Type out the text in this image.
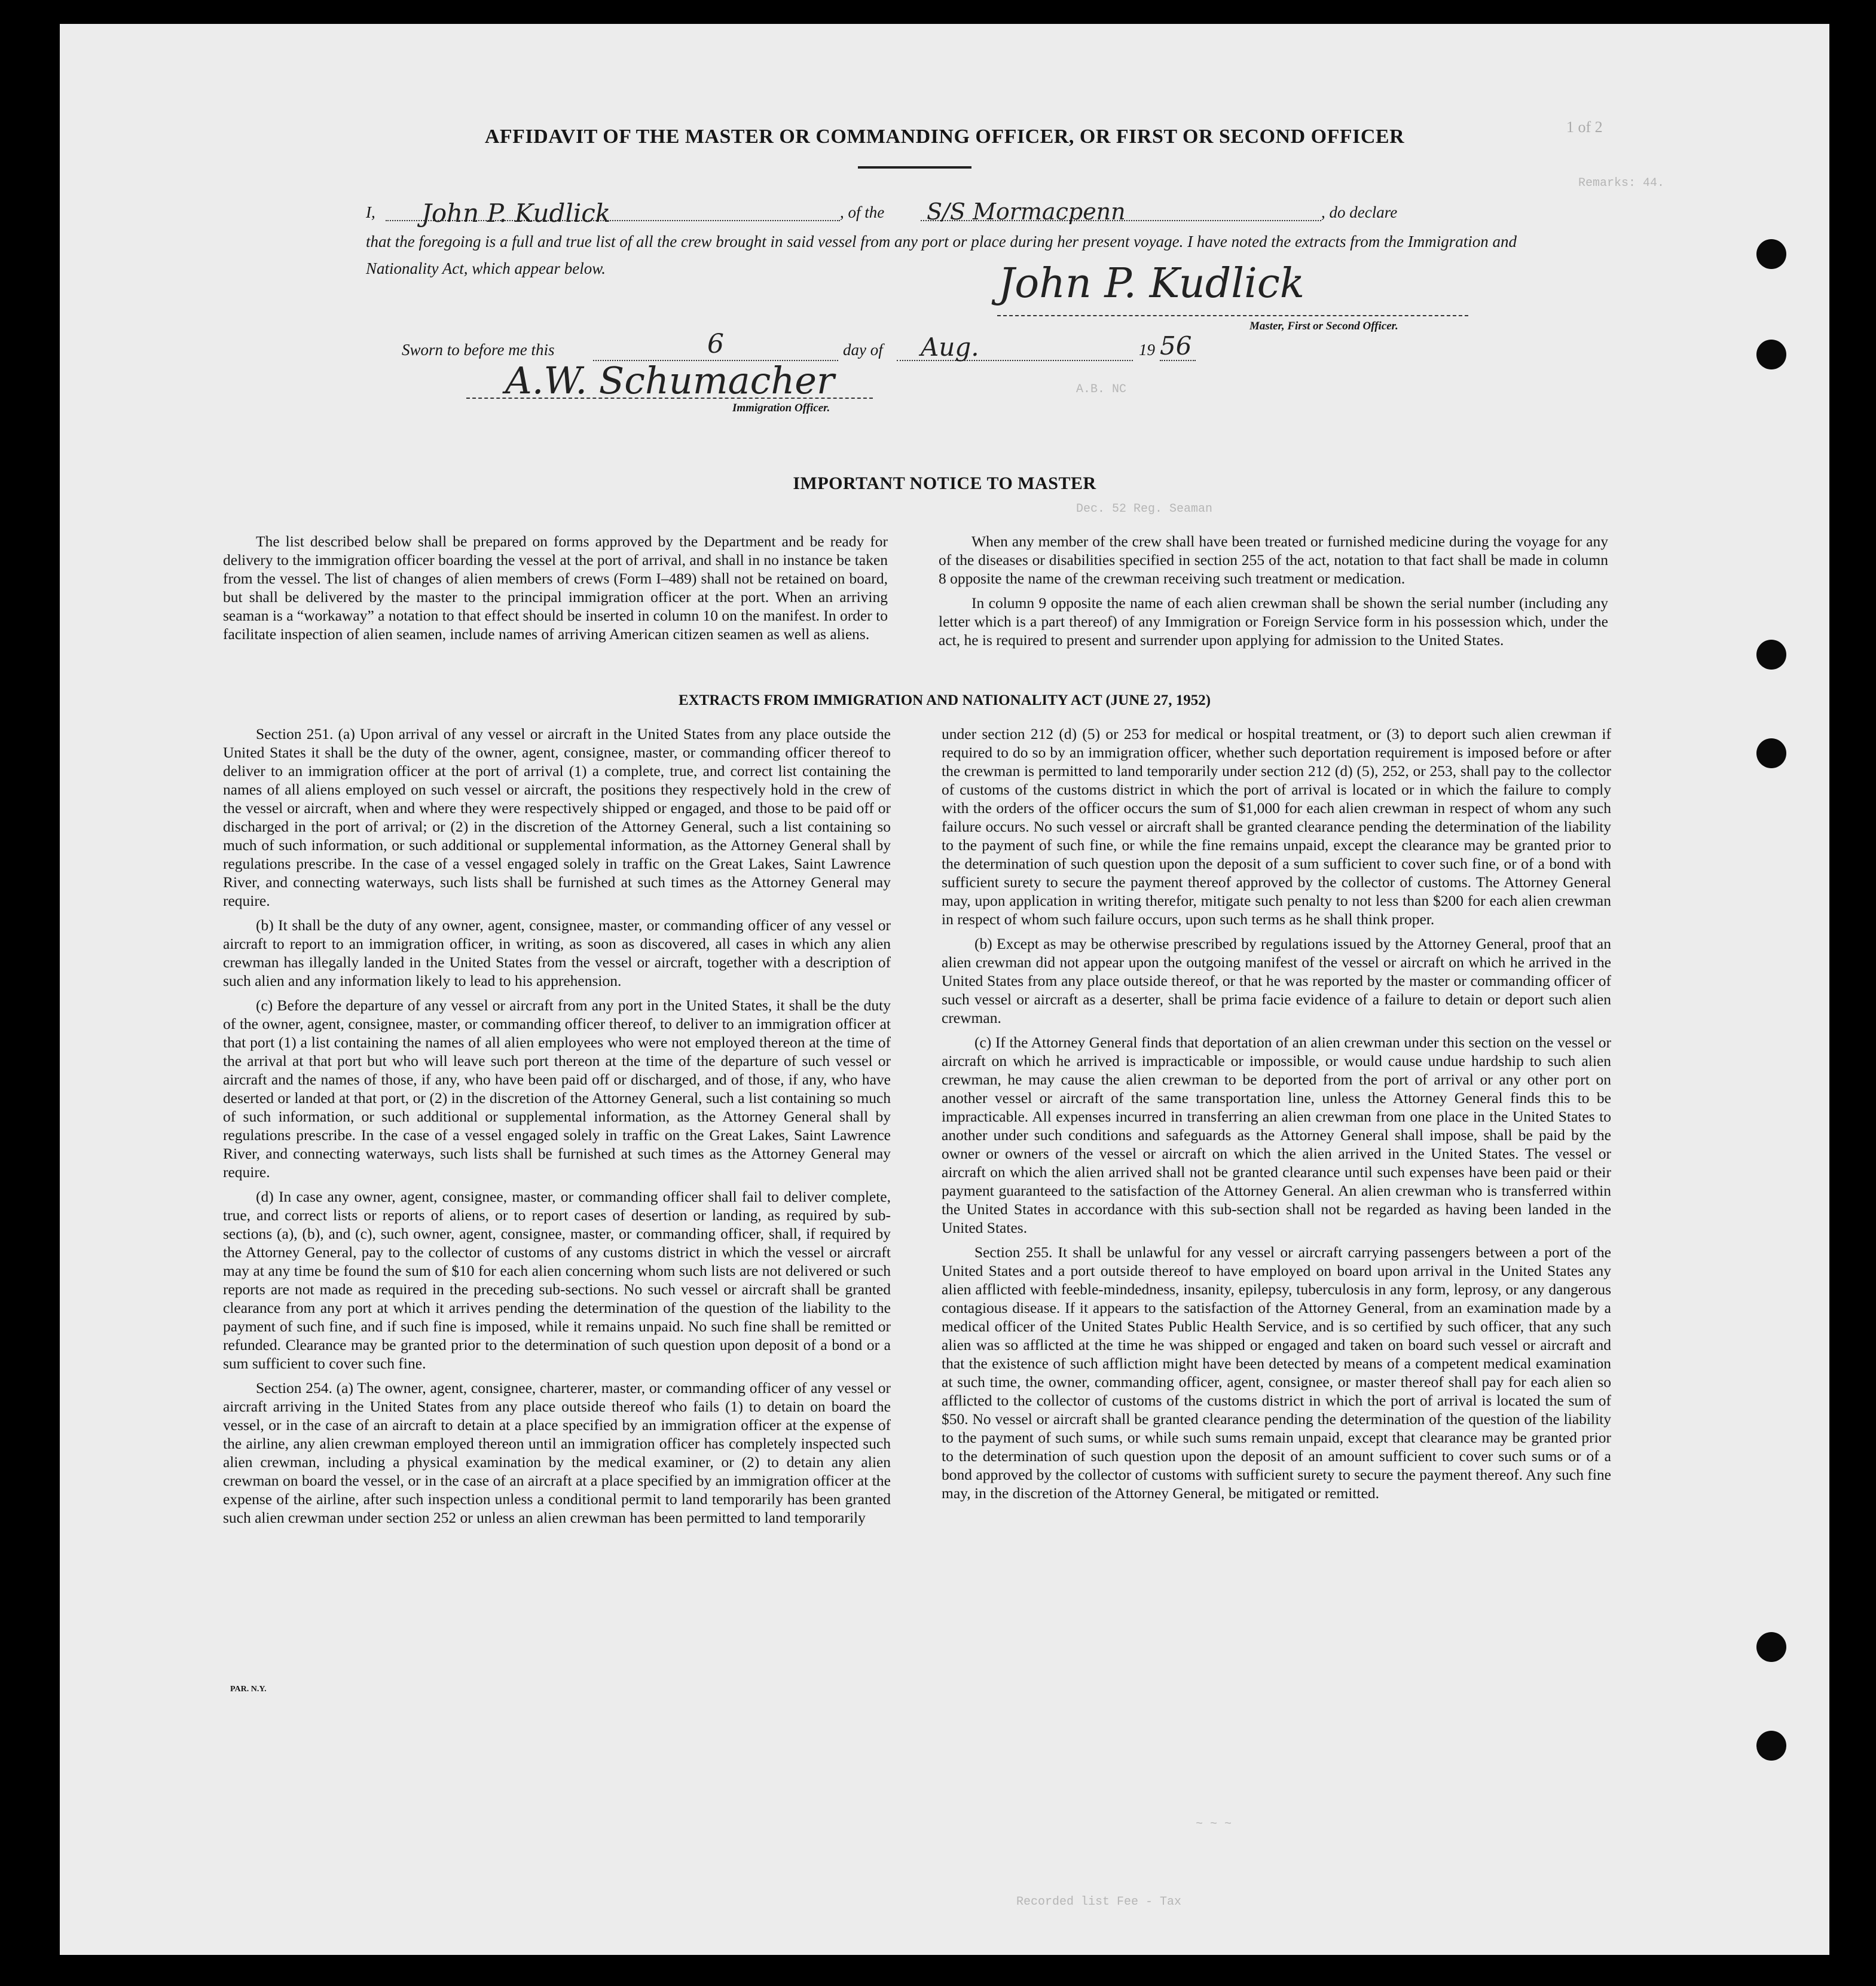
1 of 2
Remarks: 44.
A.B. NC
Dec. 52 Reg. Seaman
~ ~ ~
Recorded list Fee - Tax
AFFIDAVIT OF THE MASTER OR COMMANDING OFFICER, OR FIRST OR SECOND OFFICER
I,	John P. Kudlick	, of the S/S Mormacpenn	, do declare
that the foregoing is a full and true list of all the crew brought in said vessel from any port or place during her present voyage. I have noted the extracts from the Immigration and Nationality Act, which appear below.	John P. Kudlick
Master, First or Second Officer.
Sworn to before me this	6	day of	Aug.	19 56
A.W. Schumacher
Immigration Officer.
IMPORTANT NOTICE TO MASTER

The list described below shall be prepared on forms approved by the Department and be ready for delivery to the immigration officer boarding the vessel at the port of arrival, and shall in no instance be taken from the vessel. The list of changes of alien members of crews (Form I–489) shall not be retained on board, but shall be delivered by the master to the principal immigration officer at the port. When an arriving seaman is a “workaway” a notation to that effect should be inserted in column 10 on the manifest. In order to facilitate inspection of alien seamen, include names of arriving American citizen seamen as well as aliens.

When any member of the crew shall have been treated or furnished medicine during the voyage for any of the diseases or disabilities specified in section 255 of the act, notation to that fact shall be made in column 8 opposite the name of the crewman receiving such treatment or medication.

In column 9 opposite the name of each alien crewman shall be shown the serial number (including any letter which is a part thereof) of any Immigration or Foreign Service form in his possession which, under the act, he is required to present and surrender upon applying for admission to the United States.

EXTRACTS FROM IMMIGRATION AND NATIONALITY ACT (JUNE 27, 1952)

Section 251. (a) Upon arrival of any vessel or aircraft in the United States from any place outside the United States it shall be the duty of the owner, agent, consignee, master, or commanding officer thereof to deliver to an immigration officer at the port of arrival (1) a complete, true, and correct list containing the names of all aliens employed on such vessel or aircraft, the positions they respectively hold in the crew of the vessel or aircraft, when and where they were respectively shipped or engaged, and those to be paid off or discharged in the port of arrival; or (2) in the discretion of the Attorney General, such a list containing so much of such information, or such additional or supplemental information, as the Attorney General shall by regulations prescribe. In the case of a vessel engaged solely in traffic on the Great Lakes, Saint Lawrence River, and connecting waterways, such lists shall be furnished at such times as the Attorney General may require.

(b) It shall be the duty of any owner, agent, consignee, master, or commanding officer of any vessel or aircraft to report to an immigration officer, in writing, as soon as discovered, all cases in which any alien crewman has illegally landed in the United States from the vessel or aircraft, together with a description of such alien and any information likely to lead to his apprehension.

(c) Before the departure of any vessel or aircraft from any port in the United States, it shall be the duty of the owner, agent, consignee, master, or commanding officer thereof, to deliver to an immigration officer at that port (1) a list containing the names of all alien employees who were not employed thereon at the time of the arrival at that port but who will leave such port thereon at the time of the departure of such vessel or aircraft and the names of those, if any, who have been paid off or discharged, and of those, if any, who have deserted or landed at that port, or (2) in the discretion of the Attorney General, such a list containing so much of such information, or such additional or supplemental information, as the Attorney General shall by regulations prescribe. In the case of a vessel engaged solely in traffic on the Great Lakes, Saint Lawrence River, and connecting waterways, such lists shall be furnished at such times as the Attorney General may require.

(d) In case any owner, agent, consignee, master, or commanding officer shall fail to deliver complete, true, and correct lists or reports of aliens, or to report cases of desertion or landing, as required by sub-sections (a), (b), and (c), such owner, agent, consignee, master, or commanding officer, shall, if required by the Attorney General, pay to the collector of customs of any customs district in which the vessel or aircraft may at any time be found the sum of $10 for each alien concerning whom such lists are not delivered or such reports are not made as required in the preceding sub-sections. No such vessel or aircraft shall be granted clearance from any port at which it arrives pending the determination of the question of the liability to the payment of such fine, and if such fine is imposed, while it remains unpaid. No such fine shall be remitted or refunded. Clearance may be granted prior to the determination of such question upon deposit of a bond or a sum sufficient to cover such fine.

Section 254. (a) The owner, agent, consignee, charterer, master, or commanding officer of any vessel or aircraft arriving in the United States from any place outside thereof who fails (1) to detain on board the vessel, or in the case of an aircraft to detain at a place specified by an immigration officer at the expense of the airline, any alien crewman employed thereon until an immigration officer has completely inspected such alien crewman, including a physical examination by the medical examiner, or (2) to detain any alien crewman on board the vessel, or in the case of an aircraft at a place specified by an immigration officer at the expense of the airline, after such inspection unless a conditional permit to land temporarily has been granted such alien crewman under section 252 or unless an alien crewman has been permitted to land temporarily

under section 212 (d) (5) or 253 for medical or hospital treatment, or (3) to deport such alien crewman if required to do so by an immigration officer, whether such deportation requirement is imposed before or after the crewman is permitted to land temporarily under section 212 (d) (5), 252, or 253, shall pay to the collector of customs of the customs district in which the port of arrival is located or in which the failure to comply with the orders of the officer occurs the sum of $1,000 for each alien crewman in respect of whom any such failure occurs. No such vessel or aircraft shall be granted clearance pending the determination of the liability to the payment of such fine, or while the fine remains unpaid, except the clearance may be granted prior to the determination of such question upon the deposit of a sum sufficient to cover such fine, or of a bond with sufficient surety to secure the payment thereof approved by the collector of customs. The Attorney General may, upon application in writing therefor, mitigate such penalty to not less than $200 for each alien crewman in respect of whom such failure occurs, upon such terms as he shall think proper.

(b) Except as may be otherwise prescribed by regulations issued by the Attorney General, proof that an alien crewman did not appear upon the outgoing manifest of the vessel or aircraft on which he arrived in the United States from any place outside thereof, or that he was reported by the master or commanding officer of such vessel or aircraft as a deserter, shall be prima facie evidence of a failure to detain or deport such alien crewman.

(c) If the Attorney General finds that deportation of an alien crewman under this section on the vessel or aircraft on which he arrived is impracticable or impossible, or would cause undue hardship to such alien crewman, he may cause the alien crewman to be deported from the port of arrival or any other port on another vessel or aircraft of the same transportation line, unless the Attorney General finds this to be impracticable. All expenses incurred in transferring an alien crewman from one place in the United States to another under such conditions and safeguards as the Attorney General shall impose, shall be paid by the owner or owners of the vessel or aircraft on which the alien arrived in the United States. The vessel or aircraft on which the alien arrived shall not be granted clearance until such expenses have been paid or their payment guaranteed to the satisfaction of the Attorney General. An alien crewman who is transferred within the United States in accordance with this sub-section shall not be regarded as having been landed in the United States.

Section 255. It shall be unlawful for any vessel or aircraft carrying passengers between a port of the United States and a port outside thereof to have employed on board upon arrival in the United States any alien afflicted with feeble-mindedness, insanity, epilepsy, tuberculosis in any form, leprosy, or any dangerous contagious disease. If it appears to the satisfaction of the Attorney General, from an examination made by a medical officer of the United States Public Health Service, and is so certified by such officer, that any such alien was so afflicted at the time he was shipped or engaged and taken on board such vessel or aircraft and that the existence of such affliction might have been detected by means of a competent medical examination at such time, the owner, commanding officer, agent, consignee, or master thereof shall pay for each alien so afflicted to the collector of customs of the customs district in which the port of arrival is located the sum of $50. No vessel or aircraft shall be granted clearance pending the determination of the question of the liability to the payment of such sums, or while such sums remain unpaid, except that clearance may be granted prior to the determination of such question upon the deposit of an amount sufficient to cover such sums or of a bond approved by the collector of customs with sufficient surety to secure the payment thereof. Any such fine may, in the discretion of the Attorney General, be mitigated or remitted.

PAR. N.Y.
